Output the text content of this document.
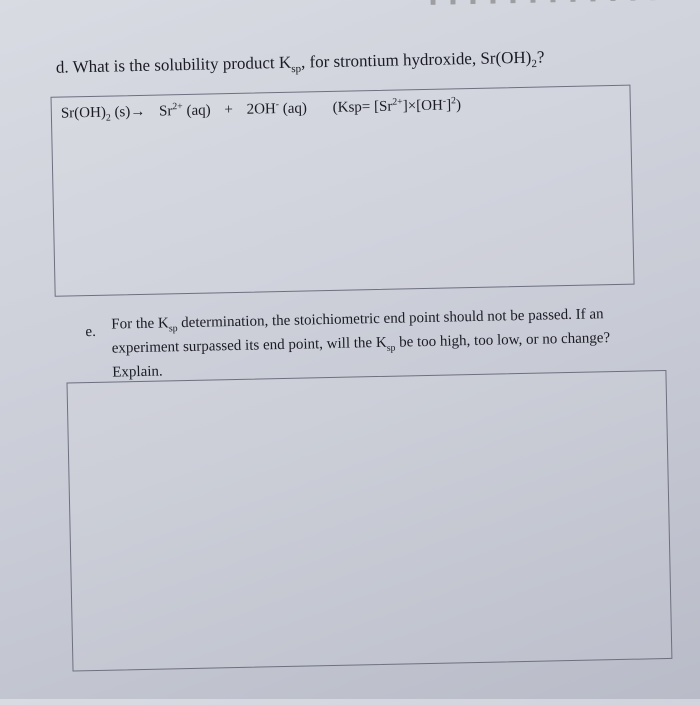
d. What is the solubility product $K_{sp}$, for strontium hydroxide, $Sr(OH)_2$?
$Sr(OH)_2$ $(s)\to Sr^{2+}$ (aq) + 2OH- (aq) $(Ksp= [Sr^{2+}]\times[OH^-]^2)$
e. For the $K_{sp}$ determination, the stoichiometric end point should not be passed. If an
experiment surpassed its end point, will the $K_{sp}$ be too high, too low, or no change?
Explain.
